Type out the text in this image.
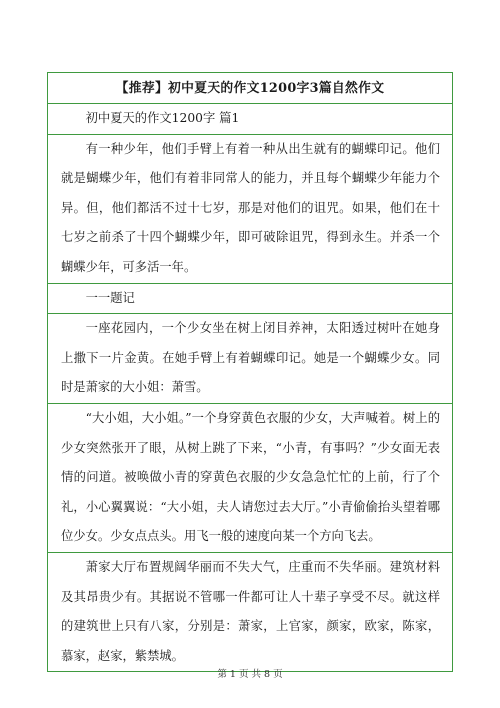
【推荐】初中夏天的作文1200字3篇自然作文
初中夏天的作文1200字 篇1
有一种少年，他们手臂上有着一种从出生就有的蝴蝶印记。他们就是蝴蝶少年，他们有着非同常人的能力，并且每个蝴蝶少年能力个异。但，他们都活不过十七岁，那是对他们的诅咒。如果，他们在十七岁之前杀了十四个蝴蝶少年，即可破除诅咒，得到永生。并杀一个蝴蝶少年，可多活一年。
一一题记
一座花园内，一个少女坐在树上闭目养神，太阳透过树叶在她身上撒下一片金黄。在她手臂上有着蝴蝶印记。她是一个蝴蝶少女。同时是萧家的大小姐：萧雪。
“大小姐，大小姐。”一个身穿黄色衣服的少女，大声喊着。树上的少女突然张开了眼，从树上跳了下来，“小青，有事吗？”少女面无表情的问道。被唤做小青的穿黄色衣服的少女急急忙忙的上前，行了个礼，小心翼翼说：“大小姐，夫人请您过去大厅。”小青偷偷抬头望着哪位少女。少女点点头。用飞一般的速度向某一个方向飞去。
萧家大厅布置规阔华丽而不失大气，庄重而不失华丽。建筑材料及其昂贵少有。其据说不管哪一件都可让人十辈子享受不尽。就这样的建筑世上只有八家，分别是：萧家，上官家，颜家，欧家，陈家，慕家，赵家，紫禁城。
第 1 页 共 8 页
